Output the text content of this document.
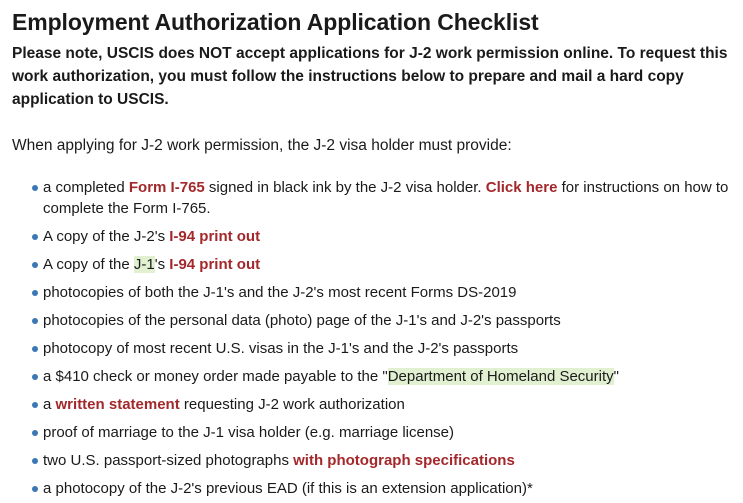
Employment Authorization Application Checklist

Please note, USCIS does NOT accept applications for J-2 work permission online. To request this work authorization, you must follow the instructions below to prepare and mail a hard copy application to USCIS.

When applying for J-2 work permission, the J-2 visa holder must provide:

a completed Form I-765 signed in black ink by the J-2 visa holder. Click here for instructions on how to complete the Form I-765.
A copy of the J-2's I-94 print out
A copy of the J-1's I-94 print out
photocopies of both the J-1's and the J-2's most recent Forms DS-2019
photocopies of the personal data (photo) page of the J-1's and J-2's passports
photocopy of most recent U.S. visas in the J-1's and the J-2's passports
a $410 check or money order made payable to the "Department of Homeland Security"
a written statement requesting J-2 work authorization
proof of marriage to the J-1 visa holder (e.g. marriage license)
two U.S. passport-sized photographs with photograph specifications
a photocopy of the J-2's previous EAD (if this is an extension application)*
